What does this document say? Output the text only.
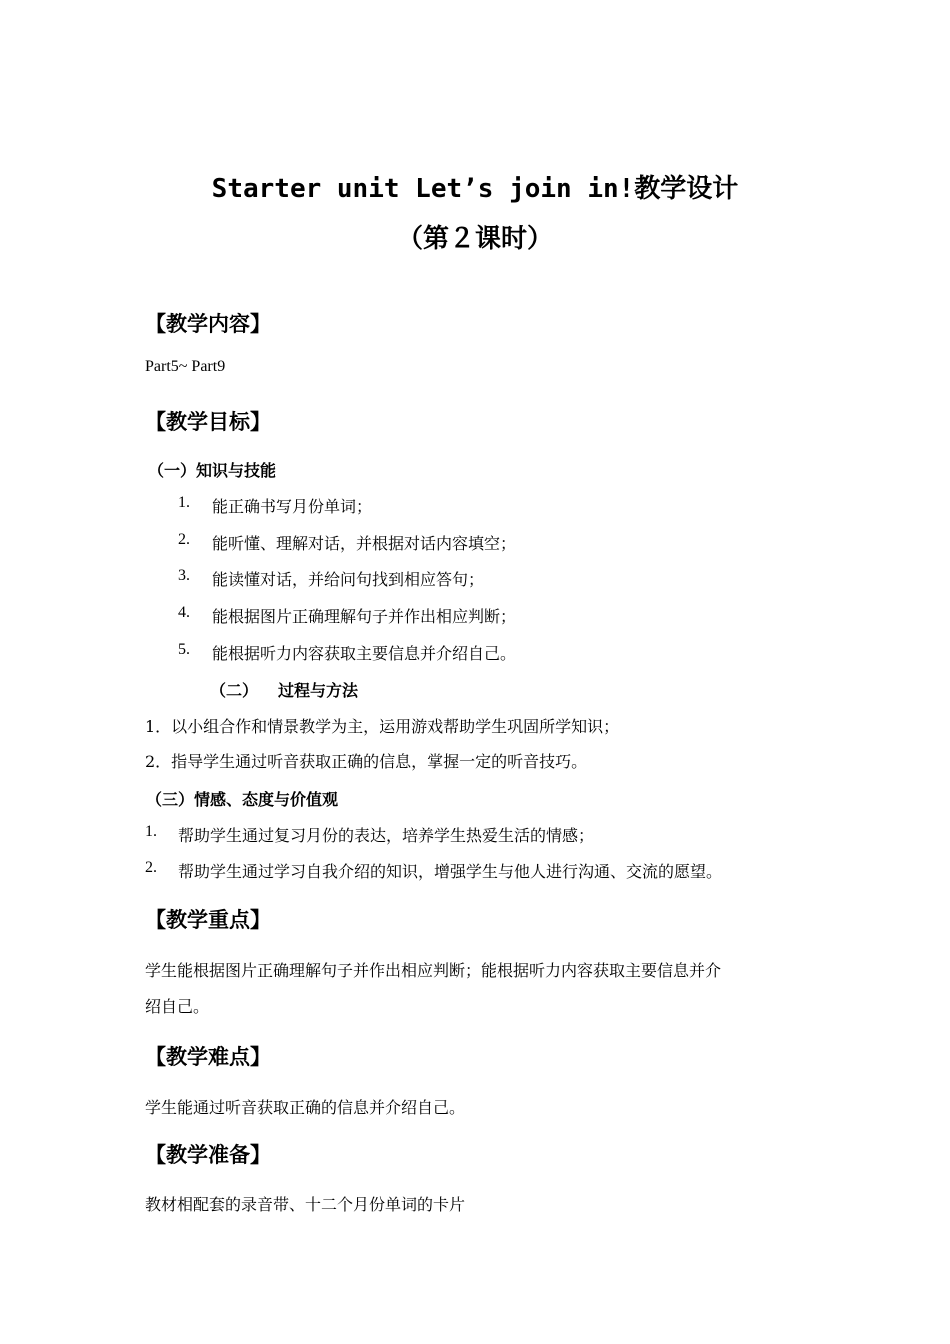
Starter unit Let’s join in!教学设计
（第２课时）
【教学内容】
Part5~ Part9
【教学目标】
（一）知识与技能
1. 能正确书写月份单词；
2. 能听懂、理解对话，并根据对话内容填空；
3. 能读懂对话，并给问句找到相应答句；
4. 能根据图片正确理解句子并作出相应判断；
5. 能根据听力内容获取主要信息并介绍自己。
（二） 过程与方法
1．以小组合作和情景教学为主，运用游戏帮助学生巩固所学知识；
2．指导学生通过听音获取正确的信息，掌握一定的听音技巧。
（三）情感、态度与价值观
1. 帮助学生通过复习月份的表达，培养学生热爱生活的情感；
2. 帮助学生通过学习自我介绍的知识，增强学生与他人进行沟通、交流的愿望。
【教学重点】
学生能根据图片正确理解句子并作出相应判断；能根据听力内容获取主要信息并介
绍自己。
【教学难点】
学生能通过听音获取正确的信息并介绍自己。
【教学准备】
教材相配套的录音带、十二个月份单词的卡片
